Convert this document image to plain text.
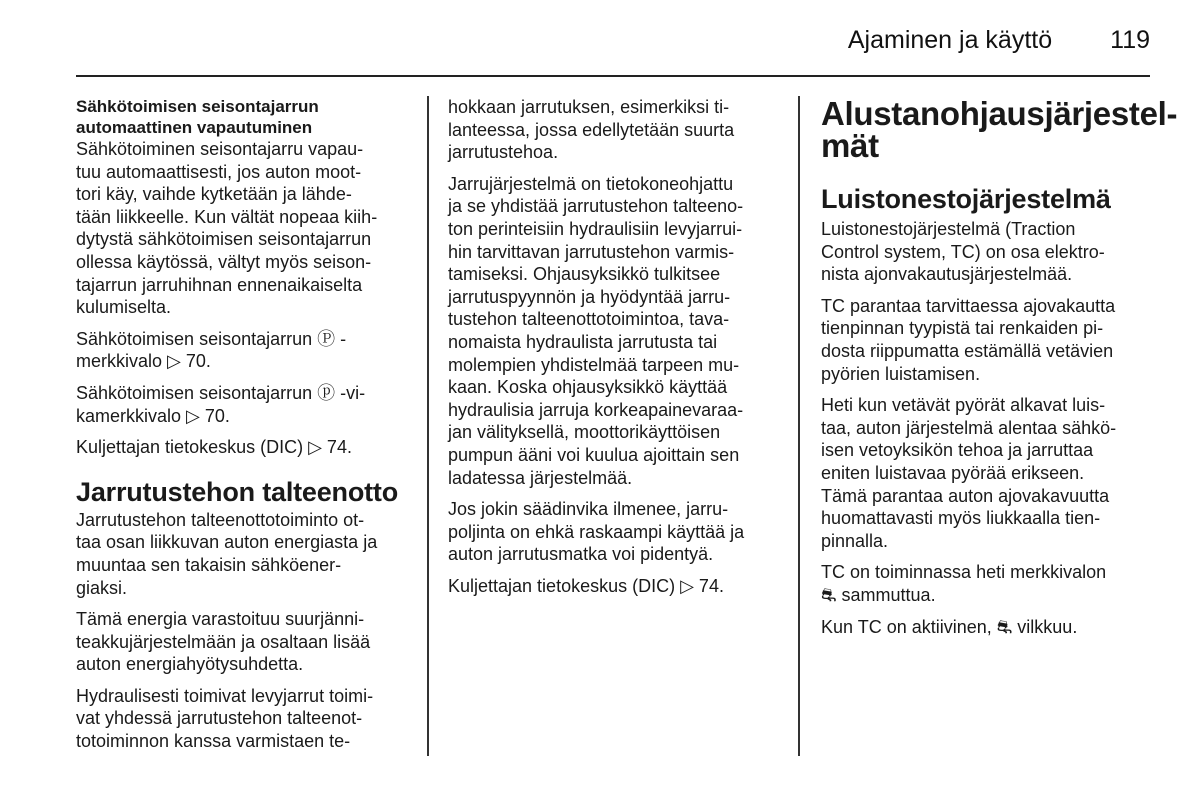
Ajaminen ja käyttö 119
Sähkötoimisen seisontajarrun
automaattinen vapautuminen

Sähkötoiminen seisontajarru vapau-
tuu automaattisesti, jos auton moot-
tori käy, vaihde kytketään ja lähde-
tään liikkeelle. Kun vältät nopeaa kiih-
dytystä sähkötoimisen seisontajarrun
ollessa käytössä, vältyt myös seison-
tajarrun jarruhihnan ennenaikaiselta
kulumiselta.

Sähkötoimisen seisontajarrun Ⓟ -
merkkivalo ▷ 70.

Sähkötoimisen seisontajarrun ⓟ -vi-
kamerkkivalo ▷ 70.

Kuljettajan tietokeskus (DIC) ▷ 74.

Jarrutustehon talteenotto

Jarrutustehon talteenottotoiminto ot-
taa osan liikkuvan auton energiasta ja
muuntaa sen takaisin sähköener-
giaksi.

Tämä energia varastoituu suurjänni-
teakkujärjestelmään ja osaltaan lisää
auton energiahyötysuhdetta.

Hydraulisesti toimivat levyjarrut toimi-
vat yhdessä jarrutustehon talteenot-
totoiminnon kanssa varmistaen te-

hokkaan jarrutuksen, esimerkiksi ti-
lanteessa, jossa edellytetään suurta
jarrutustehoa.

Jarrujärjestelmä on tietokoneohjattu
ja se yhdistää jarrutustehon talteeno-
ton perinteisiin hydraulisiin levyjarrui-
hin tarvittavan jarrutustehon varmis-
tamiseksi. Ohjausyksikkö tulkitsee
jarrutuspyynnön ja hyödyntää jarru-
tustehon talteenottotoimintoa, tava-
nomaista hydraulista jarrutusta tai
molempien yhdistelmää tarpeen mu-
kaan. Koska ohjausyksikkö käyttää
hydraulisia jarruja korkeapainevaraa-
jan välityksellä, moottorikäyttöisen
pumpun ääni voi kuulua ajoittain sen
ladatessa järjestelmää.

Jos jokin säädinvika ilmenee, jarru-
poljinta on ehkä raskaampi käyttää ja
auton jarrutusmatka voi pidentyä.

Kuljettajan tietokeskus (DIC) ▷ 74.

Alustanohjausjärjestel-
mät
Luistonestojärjestelmä

Luistonestojärjestelmä (Traction
Control system, TC) on osa elektro-
nista ajonvakautusjärjestelmää.

TC parantaa tarvittaessa ajovakautta
tienpinnan tyypistä tai renkaiden pi-
dosta riippumatta estämällä vetävien
pyörien luistamisen.

Heti kun vetävät pyörät alkavat luis-
taa, auton järjestelmä alentaa sähkö-
isen vetoyksikön tehoa ja jarruttaa
eniten luistavaa pyörää erikseen.
Tämä parantaa auton ajovakavuutta
huomattavasti myös liukkaalla tien-
pinnalla.

TC on toiminnassa heti merkkivalon
⛐ sammuttua.

Kun TC on aktiivinen, ⛐ vilkkuu.
